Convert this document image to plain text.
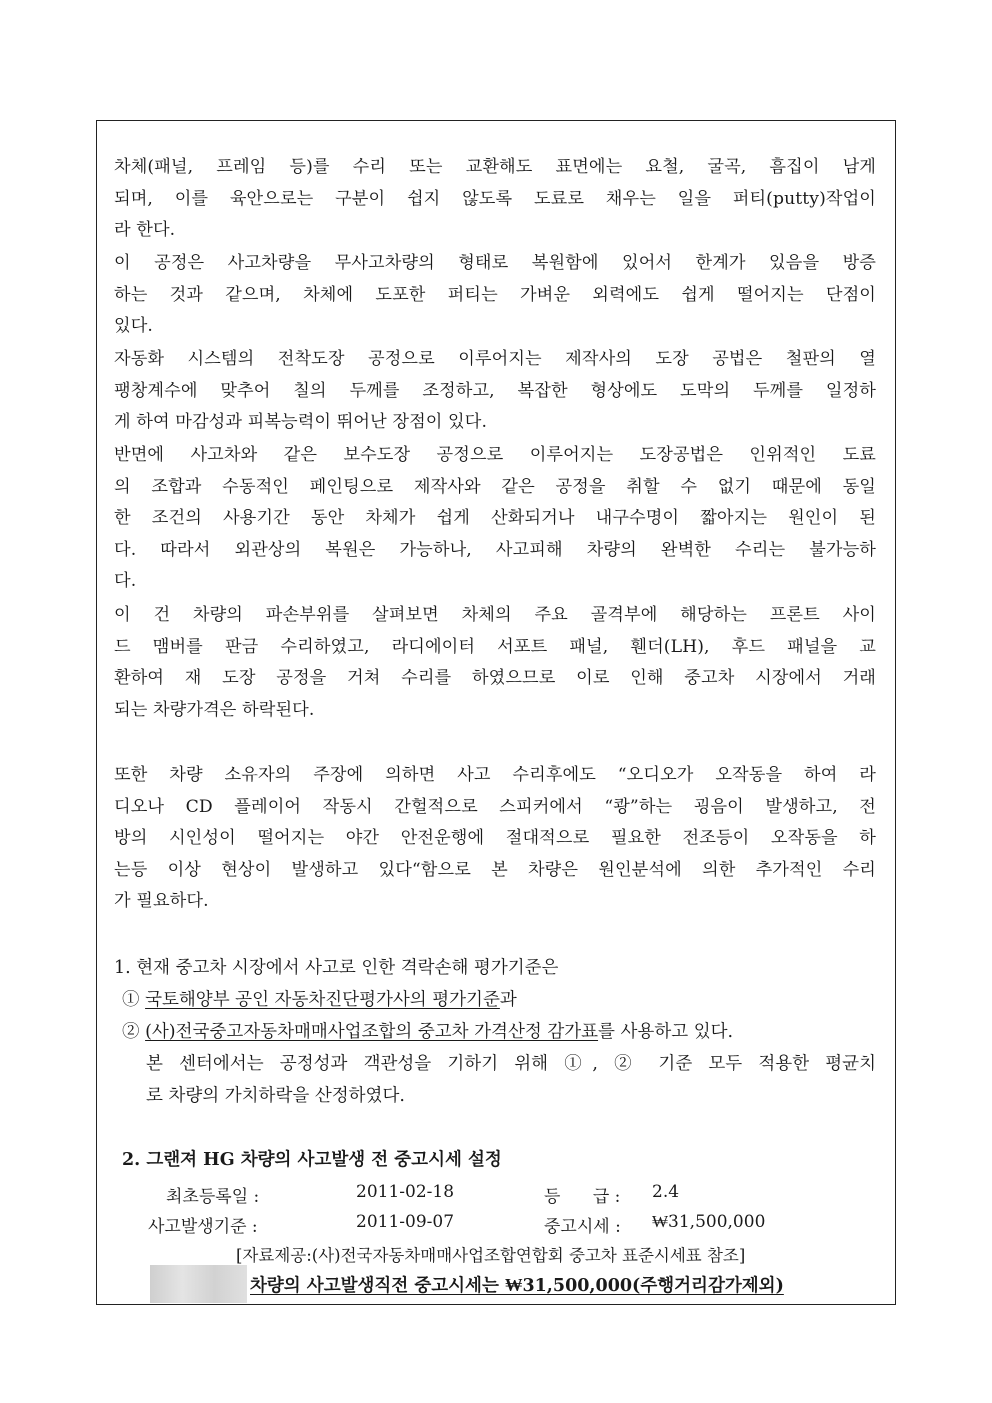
차체(패널, 프레임 등)를 수리 또는 교환해도 표면에는 요철, 굴곡, 흠집이 남게
되며, 이를 육안으로는 구분이 쉽지 않도록 도료로 채우는 일을 퍼티(putty)작업이
라 한다.
이 공정은 사고차량을 무사고차량의 형태로 복원함에 있어서 한계가 있음을 방증
하는 것과 같으며, 차체에 도포한 퍼티는 가벼운 외력에도 쉽게 떨어지는 단점이
있다.
자동화 시스템의 전착도장 공정으로 이루어지는 제작사의 도장 공법은 철판의 열
팽창계수에 맞추어 칠의 두께를 조정하고, 복잡한 형상에도 도막의 두께를 일정하
게 하여 마감성과 피복능력이 뛰어난 장점이 있다.
반면에 사고차와 같은 보수도장 공정으로 이루어지는 도장공법은 인위적인 도료
의 조합과 수동적인 페인팅으로 제작사와 같은 공정을 취할 수 없기 때문에 동일
한 조건의 사용기간 동안 차체가 쉽게 산화되거나 내구수명이 짧아지는 원인이 된
다. 따라서 외관상의 복원은 가능하나, 사고피해 차량의 완벽한 수리는 불가능하
다.
이 건 차량의 파손부위를 살펴보면 차체의 주요 골격부에 해당하는 프론트 사이
드 맴버를 판금 수리하였고, 라디에이터 서포트 패널, 휀더(LH), 후드 패널을 교
환하여 재 도장 공정을 거쳐 수리를 하였으므로 이로 인해 중고차 시장에서 거래
되는 차량가격은 하락된다.
또한 차량 소유자의 주장에 의하면 사고 수리후에도 “오디오가 오작동을 하여 라
디오나 CD 플레이어 작동시 간헐적으로 스피커에서 “쾅”하는 굉음이 발생하고, 전
방의 시인성이 떨어지는 야간 안전운행에 절대적으로 필요한 전조등이 오작동을 하
는등 이상 현상이 발생하고 있다“함으로 본 차량은 원인분석에 의한 추가적인 수리
가 필요하다.

1. 현재 중고차 시장에서 사고로 인한 격락손해 평가기준은

① 국토해양부 공인 자동차진단평가사의 평가기준과

② (사)전국중고자동차매매사업조합의 중고차 가격산정 감가표를 사용하고 있다.

본 센터에서는 공정성과 객관성을 기하기 위해 ①, ② 기준 모두 적용한 평균치

로 차량의 가치하락을 산정하였다.

2. 그랜져 HG 차량의 사고발생 전 중고시세 설정

최초등록일 :	2011-02-18	등      급 : 2.4
사고발생기준 :	2011-09-07	중고시세 : ₩31,500,000
[자료제공:(사)전국자동차매매사업조합연합회 중고차 표준시세표 참조]
차량의 사고발생직전 중고시세는 ₩31,500,000(주행거리감가제외)
